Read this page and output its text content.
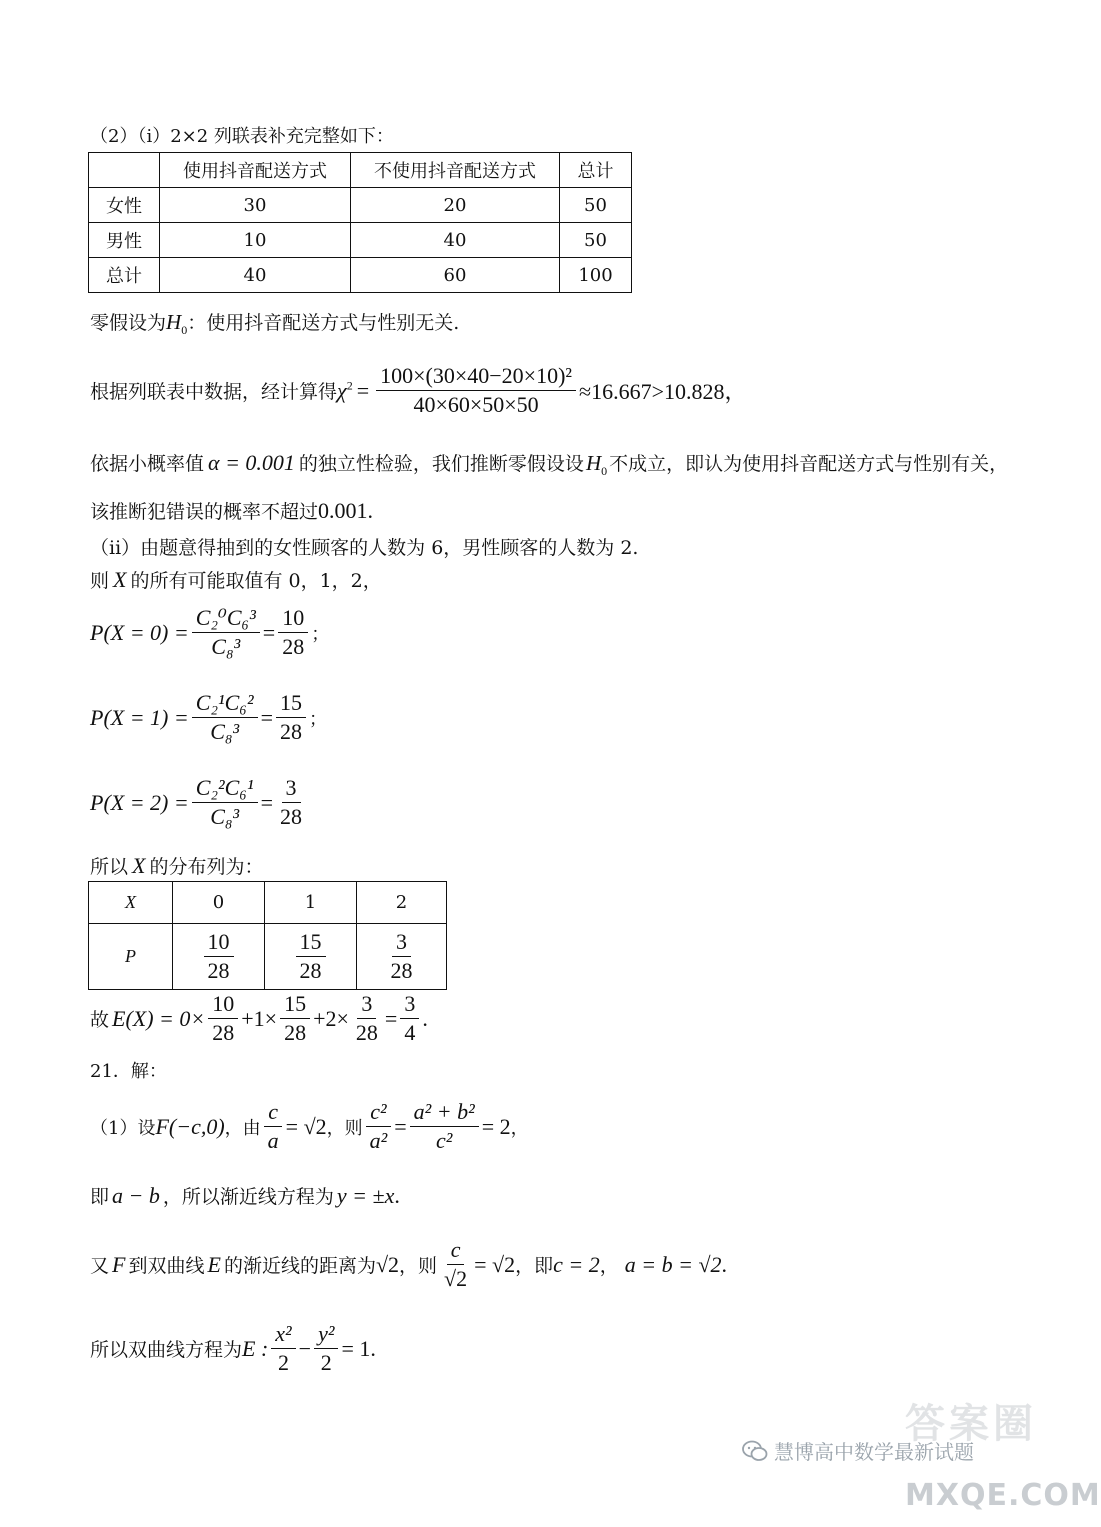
（2）（i）2×2 列联表补充完整如下：
	使用抖音配送方式	不使用抖音配送方式	总计
女性	30	20	50
男性	10	40	50
总计	40	60	100
零假设为$H_0$：使用抖音配送方式与性别无关.
根据列联表中数据，经计算得 $\chi^2 = \frac{\text{100×(30×40−20×10)²}}{40\times 60\times 50\times 50} \approx 16.667>10.828$，
依据小概率值 α = 0.001 的独立性检验，我们推断零假设设$H_0$ 不成立，即认为使用抖音配送方式与性别有关，
该推断犯错误的概率不超过0.001.
（ii）由题意得抽到的女性顾客的人数为 6，男性顾客的人数为 2.
则 X 的所有可能取值有 0，1，2，
$P(X = 0) = \frac{\text{C₂⁰C₆³}}{\text{C₈³}} = \frac{10}{28}$ ；
$P(X = 1) = \frac{\text{C₂¹C₆²}}{\text{C₈³}} = \frac{15}{28}$ ；
$P(X = 2) = \frac{\text{C₂²C₆¹}}{\text{C₈³}} = \frac{3}{28}$
所以 X 的分布列为：
X	0	1	2
P	$\frac{10}{28}$	$\frac{15}{28}$	$\frac{3}{28}$
故 $E(X) = 0\times \frac{10}{28} +1\times \frac{15}{28} +2\times \frac{3}{28} = \frac{3}{4}$ .
21．解：
（1）设 F(−c,0) ，由 $\frac{c}{a} = √2$ ，则 $\frac{\text{c²}}{\text{a²}} = \frac{\text{a² + b²}}{\text{c²}} = 2$ ，
即 a − b ，所以渐近线方程为 y = ±x.
又 F 到双曲线 E 的渐近线的距离为 √2 ，则 $\frac{c}{√2} = √2$ ，即 c = 2 ， a = b = √2 .
所以双曲线方程为 E : $\frac{\text{x²}}{2} - \frac{\text{y²}}{2} = 1$.
慧博高中数学最新试题
答案圈
MXQE.COM
